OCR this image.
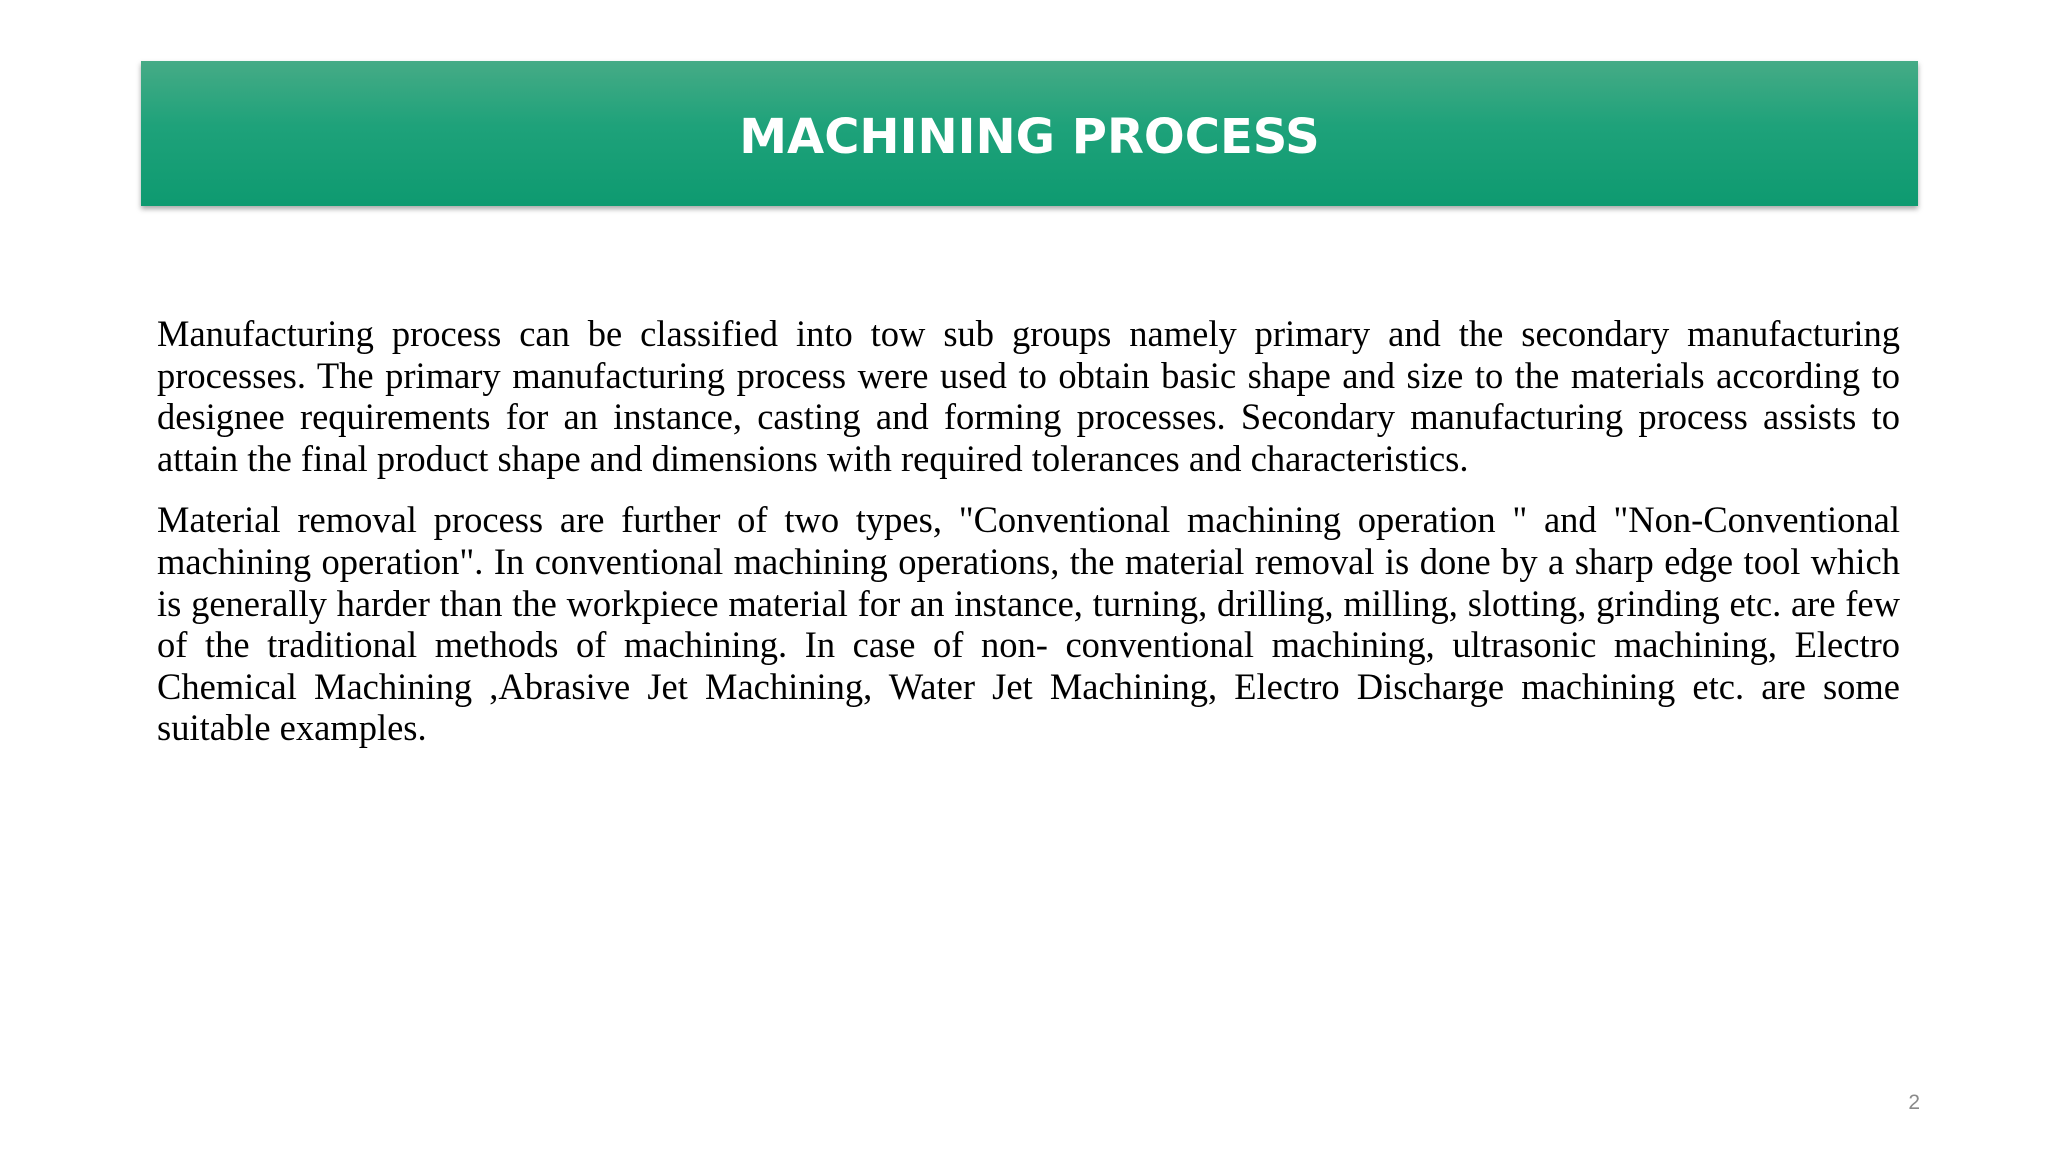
MACHINING PROCESS

Manufacturing process can be classified into tow sub groups namely primary and the secondary manufacturing processes. The primary manufacturing process were used to obtain basic shape and size to the materials according to designee requirements for an instance, casting and forming processes. Secondary manufacturing process assists to attain the final product shape and dimensions with required tolerances and characteristics.

Material removal process are further of two types, "Conventional machining operation " and "Non-Conventional machining operation". In conventional machining operations, the material removal is done by a sharp edge tool which is generally harder than the workpiece material for an instance, turning, drilling, milling, slotting, grinding etc. are few of the traditional methods of machining. In case of non- conventional machining, ultrasonic machining, Electro Chemical Machining ,Abrasive Jet Machining, Water Jet Machining, Electro Discharge machining etc. are some suitable examples.

2
